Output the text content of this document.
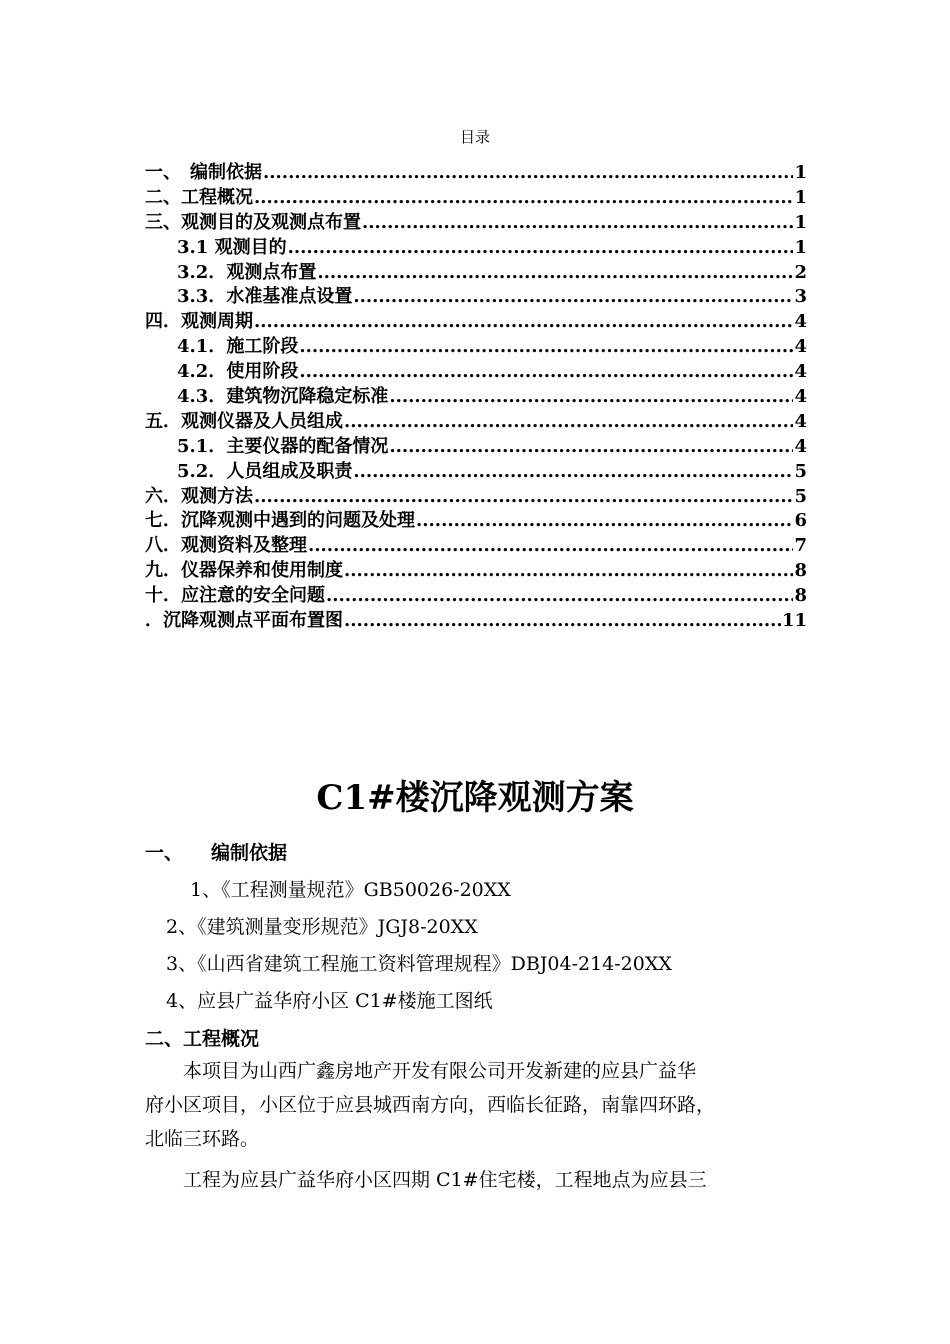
目录
一、　编制依据 .....	1
二、工程概况 .....	1
三、观测目的及观测点布置 .....	1
3.1 观测目的 .....	1
3.2．观测点布置 .....	2
3.3．水准基准点设置 .....	3
四．观测周期 .....	4
4.1．施工阶段 .....	4
4.2．使用阶段 .....	4
4.3．建筑物沉降稳定标准 .....	4
五．观测仪器及人员组成 .....	4
5.1．主要仪器的配备情况 .....	4
5.2．人员组成及职责 .....	5
六．观测方法 .....	5
七．沉降观测中遇到的问题及处理 .....	6
八．观测资料及整理 .....	7
九．仪器保养和使用制度 .....	8
十．应注意的安全问题 .....	8
．沉降观测点平面布置图 .....	11
C1#楼沉降观测方案
一、 编制依据
1、《工程测量规范》GB50026-20XX
2、《建筑测量变形规范》JGJ8-20XX
3、《山西省建筑工程施工资料管理规程》DBJ04-214-20XX
4、应县广益华府小区 C1#楼施工图纸
二、工程概况
　　本项目为山西广鑫房地产开发有限公司开发新建的应县广益华
府小区项目，小区位于应县城西南方向，西临长征路，南靠四环路，
北临三环路。
　　工程为应县广益华府小区四期 C1#住宅楼，工程地点为应县三
